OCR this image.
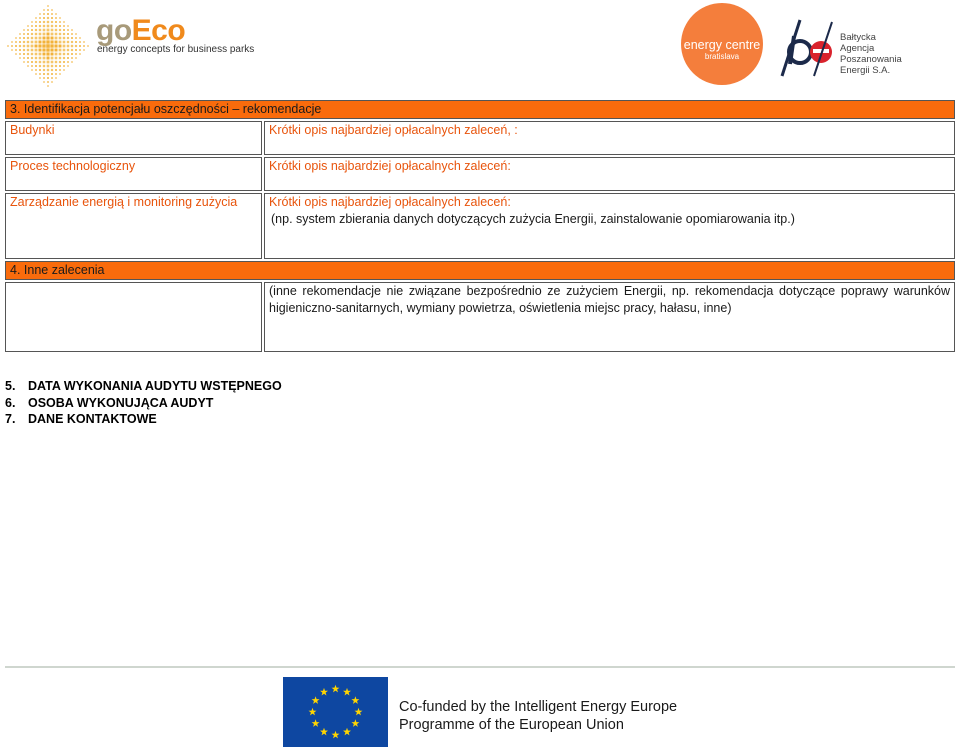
goEco
energy concepts for business parks	energy centre
bratislava
Bałtycka
Agencja
Poszanowania
Energii S.A.
3. Identifikacja potencjału oszczędności – rekomendacje	
Budynki	Krótki opis najbardziej opłacalnych zaleceń, :

Proces technologiczny	Krótki opis najbardziej opłacalnych zaleceń:

Zarządzanie energią i monitoring zużycia	Krótki opis najbardziej opłacalnych zaleceń:
(np. system zbierania danych dotyczących zużycia Energii, zainstalowanie opomiarowania itp.)

4. Inne zalecenia	

	(inne rekomendacje nie związane bezpośrednio ze zużyciem Energii, np. rekomendacja dotyczące poprawy warunków higieniczno-sanitarnych, wymiany powietrza, oświetlenia miejsc pracy, hałasu, inne)
5. DATA WYKONANIA AUDYTU WSTĘPNEGO
6. OSOBA WYKONUJĄCA AUDYT
7. DANE KONTAKTOWE
Co-funded by the Intelligent Energy Europe
Programme of the European Union
